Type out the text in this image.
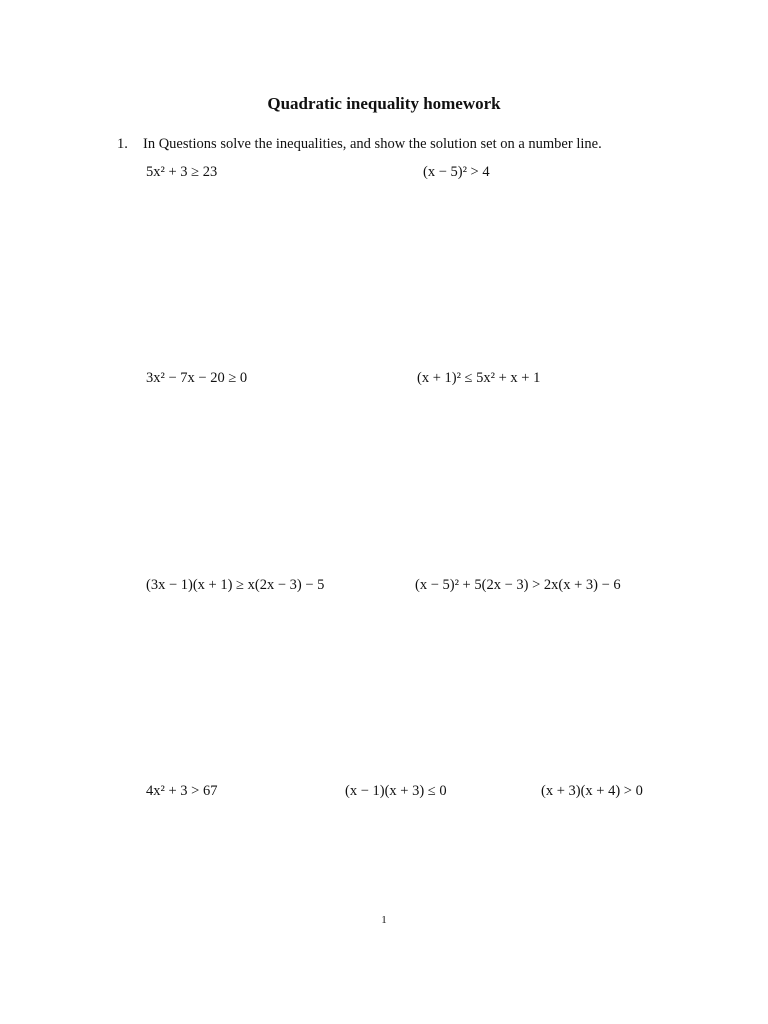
Quadratic inequality homework
1. In Questions solve the inequalities, and show the solution set on a number line.
5x² + 3 ≥ 23	(x − 5)² > 4
3x² − 7x − 20 ≥ 0	(x + 1)² ≤ 5x² + x + 1
(3x − 1)(x + 1) ≥ x(2x − 3) − 5	(x − 5)² + 5(2x − 3) > 2x(x + 3) − 6
4x² + 3 > 67	(x − 1)(x + 3) ≤ 0	(x + 3)(x + 4) > 0
1
